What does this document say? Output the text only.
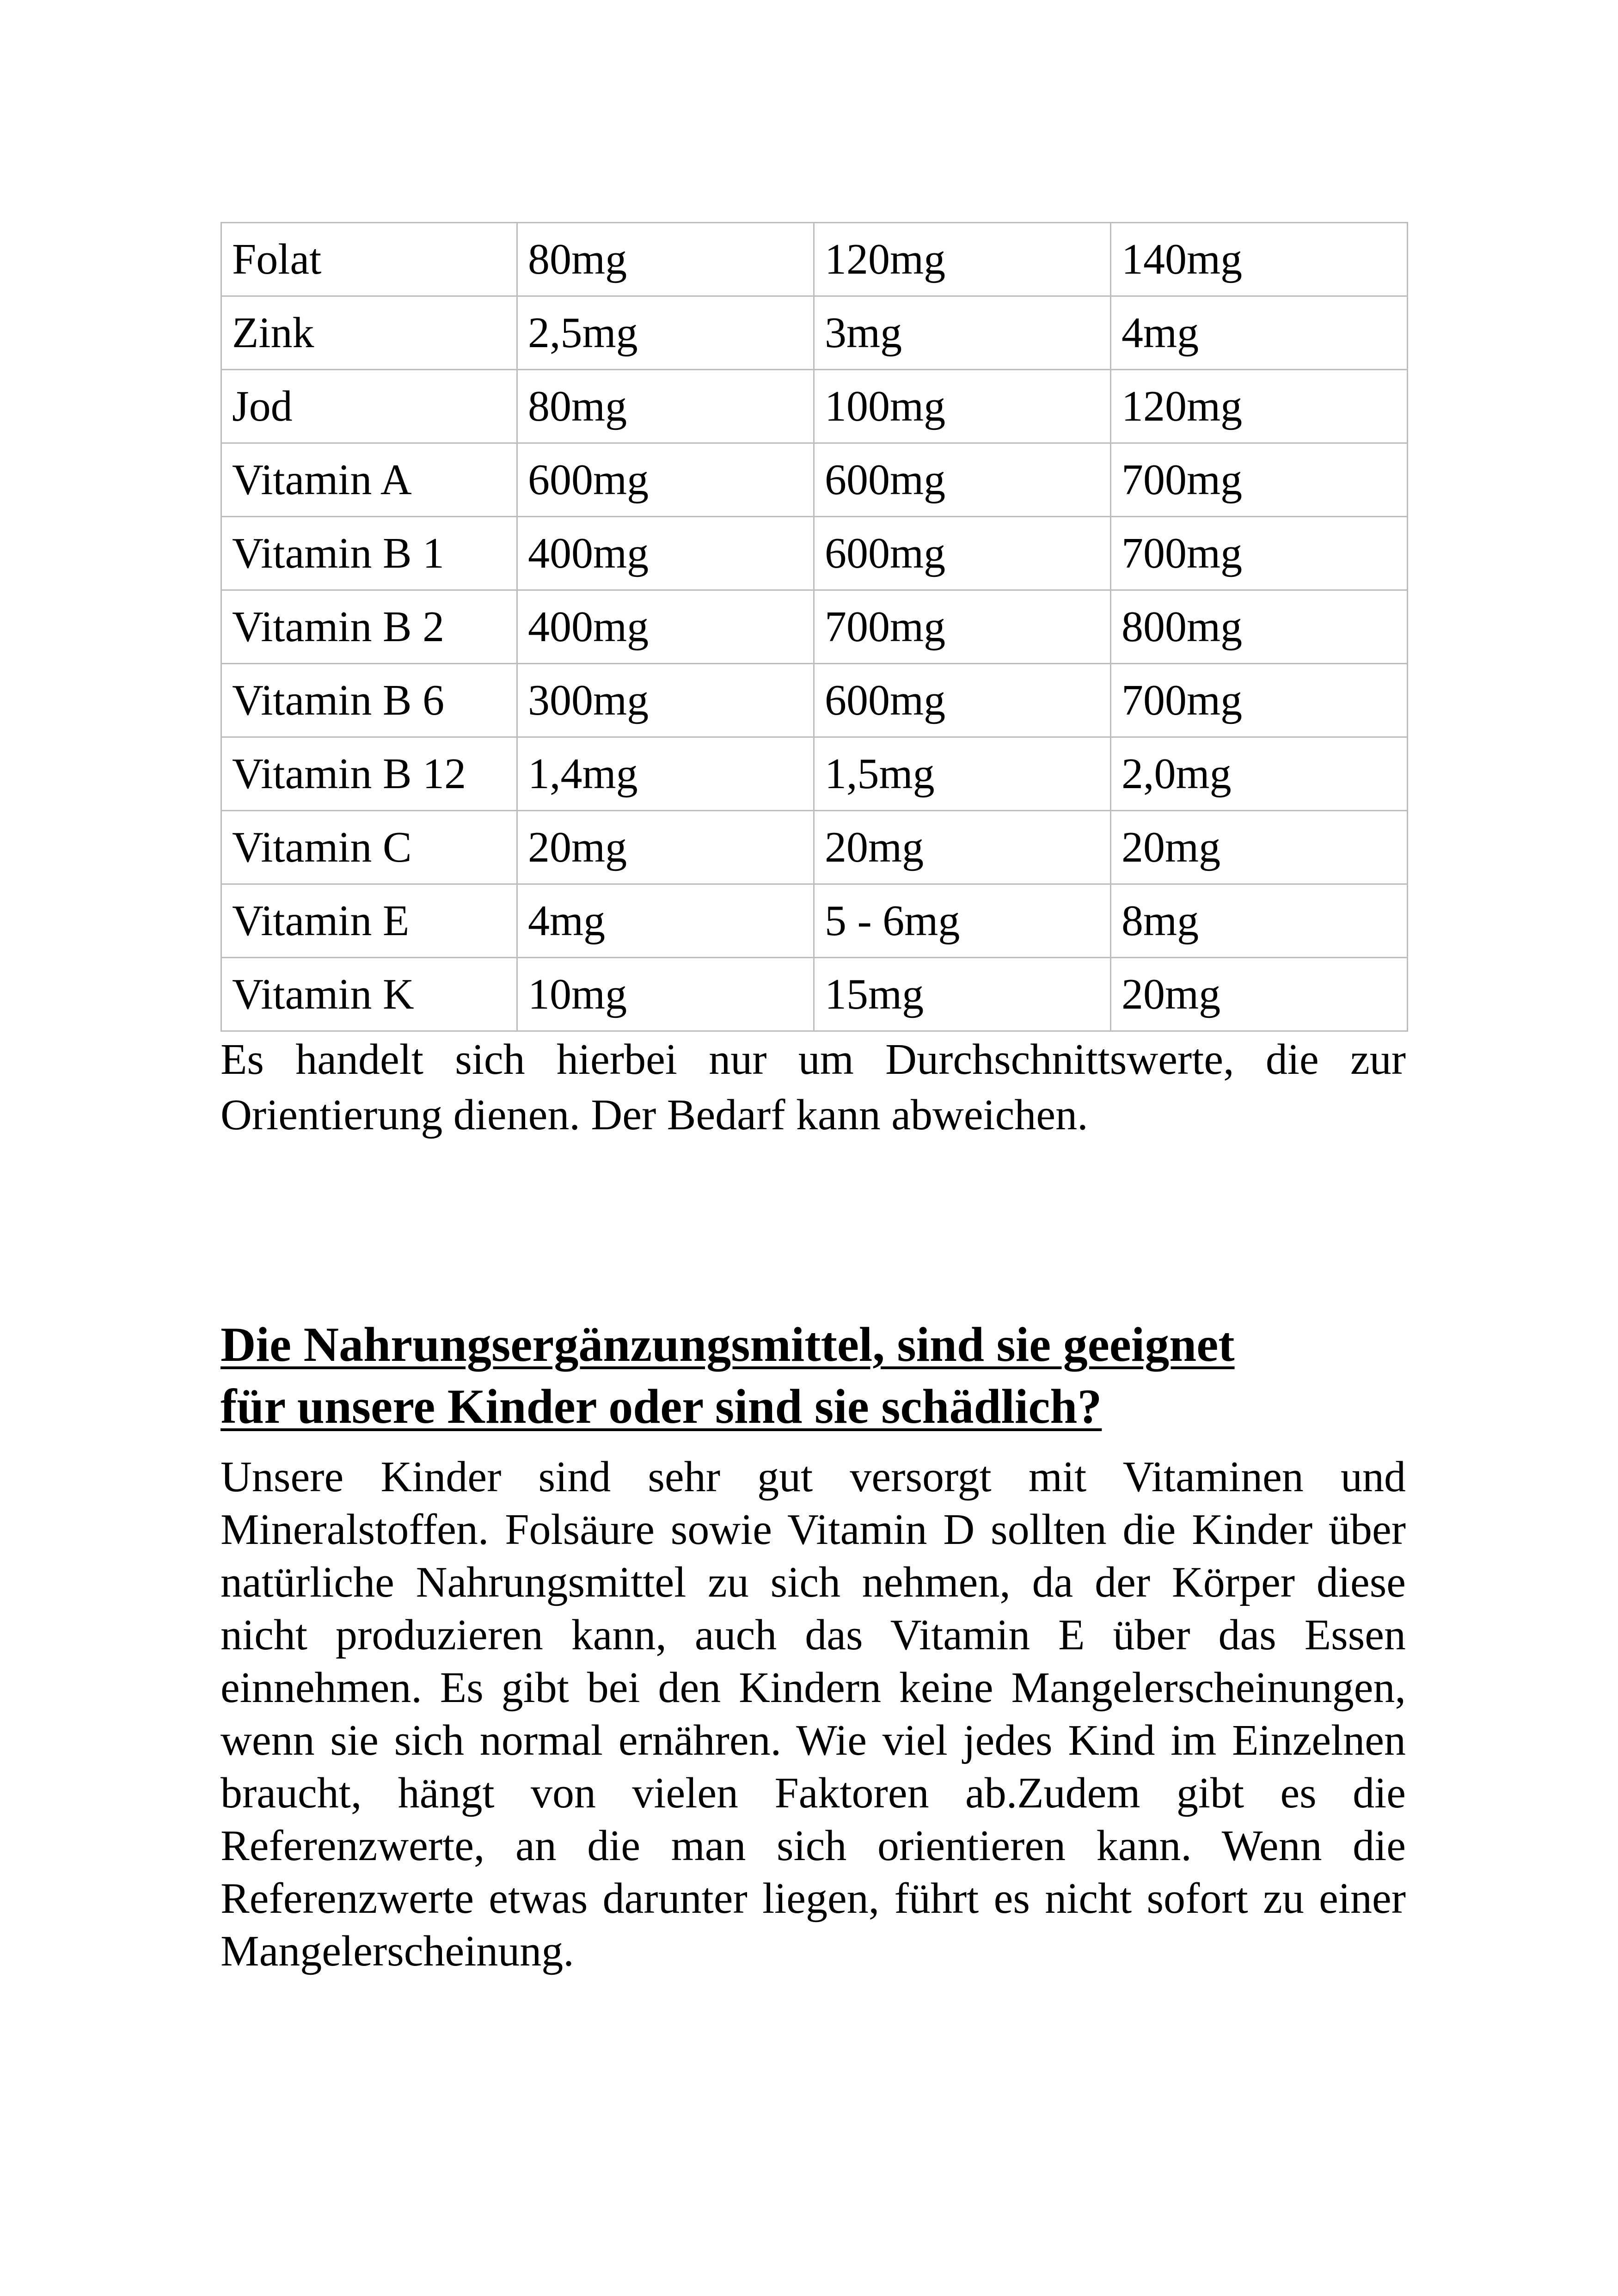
Folat	80mg	120mg	140mg
Zink	2,5mg	3mg	4mg
Jod	80mg	100mg	120mg
Vitamin A	600mg	600mg	700mg
Vitamin B 1	400mg	600mg	700mg
Vitamin B 2	400mg	700mg	800mg
Vitamin B 6	300mg	600mg	700mg
Vitamin B 12	1,4mg	1,5mg	2,0mg
Vitamin C	20mg	20mg	20mg
Vitamin E	4mg	5 - 6mg	8mg
Vitamin K	10mg	15mg	20mg

Es handelt sich hierbei nur um Durchschnittswerte, die zur Orientierung dienen. Der Bedarf kann abweichen.

Die Nahrungsergänzungsmittel, sind sie geeignet
für unsere Kinder oder sind sie schädlich?

Unsere Kinder sind sehr gut versorgt mit Vitaminen und Mineralstoffen. Folsäure sowie Vitamin D sollten die Kinder über natürliche Nahrungsmittel zu sich nehmen, da der Körper diese nicht produzieren kann, auch das Vitamin E über das Essen einnehmen. Es gibt bei den Kindern keine Mangelerscheinungen, wenn sie sich normal ernähren. Wie viel jedes Kind im Einzelnen braucht, hängt von vielen Faktoren ab.Zudem gibt es die Referenzwerte, an die man sich orientieren kann. Wenn die Referenzwerte etwas darunter liegen, führt es nicht sofort zu einer Mangelerscheinung.
